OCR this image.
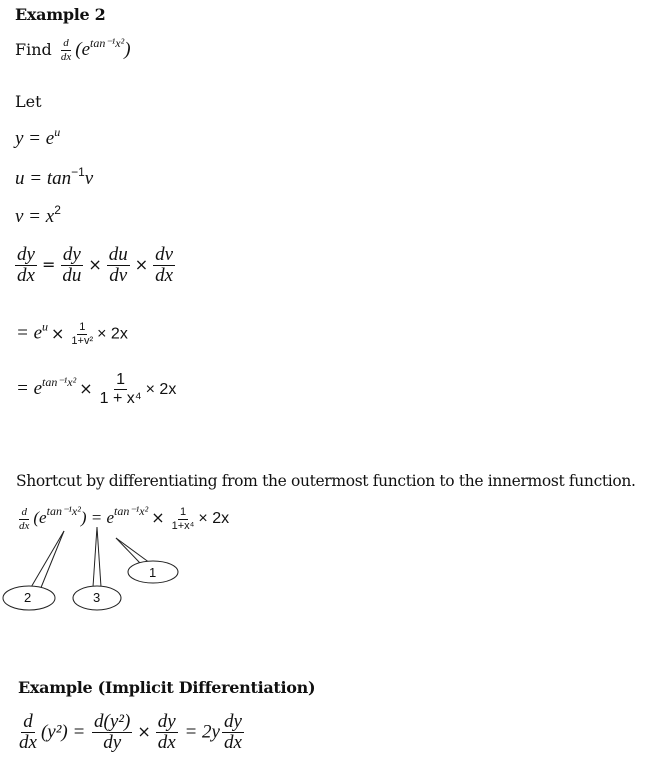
Example 2
Find $\frac{d}{dx} (e^{tan^{-1}x^2})$
Let
$y = e^u$
$u = \tan^{-1}v$
$v = x^2$
$\frac{dy}{dx} = \frac{dy}{du} \times \frac{du}{dv} \times \frac{dv}{dx}$
= $e^u \times \frac{1}{\text{1+v²}} \times 2x$
= $e^{tan^{-1}x^2} \times \frac{1}{\text{1 + x⁴}} \times 2x$
Shortcut by differentiating from the outermost function to the innermost function.
$\frac{d}{dx} (e^{tan^{-1}x^2}) = e^{tan^{-1}x^2} \times \frac{1}{\text{1+x⁴}} \times 2x$
1
2	3
Example (Implicit Differentiation)
$\frac{d}{dx} (y^2) = \frac{\text{d(y²)}}{dy} \times \frac{dy}{dx} = 2y \frac{dy}{dx}$
